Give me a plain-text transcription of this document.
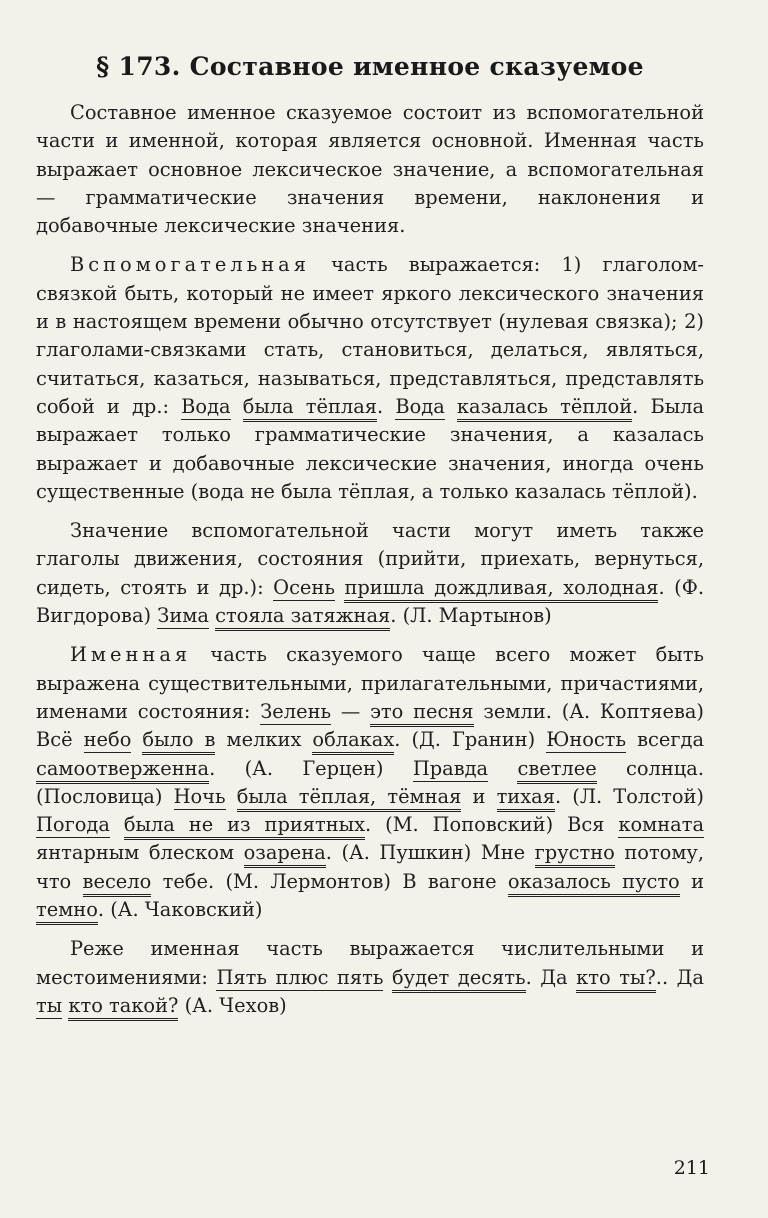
§ 173. Составное именное сказуемое

Составное именное сказуемое состоит из вспомогательной части и именной, которая является основной. Именная часть выражает основное лексическое значение, а вспомогательная — грамматические значения времени, наклонения и добавочные лексические значения.

Вспомогательная часть выражается: 1) глаголом-связкой быть, который не имеет яркого лексического значения и в настоящем времени обычно отсутствует (нулевая связка); 2) глаголами-связками стать, становиться, делаться, являться, считаться, казаться, называться, представляться, представлять собой и др.: Вода была тёплая. Вода казалась тёплой. Была выражает только грамматические значения, а казалась выражает и добавочные лексические значения, иногда очень существенные (вода не была тёплая, а только казалась тёплой).

Значение вспомогательной части могут иметь также глаголы движения, состояния (прийти, приехать, вернуться, сидеть, стоять и др.): Осень пришла дождливая, холодная. (Ф. Вигдорова) Зима стояла затяжная. (Л. Мартынов)

Именная часть сказуемого чаще всего может быть выражена существительными, прилагательными, причастиями, именами состояния: Зелень — это песня земли. (А. Коптяева) Всё небо было в мелких облаках. (Д. Гранин) Юность всегда самоотверженна. (А. Герцен) Правда светлее солнца. (Пословица) Ночь была тёплая, тёмная и тихая. (Л. Толстой) Погода была не из приятных. (М. Поповский) Вся комната янтарным блеском озарена. (А. Пушкин) Мне грустно потому, что весело тебе. (М. Лермонтов) В вагоне оказалось пусто и темно. (А. Чаковский)

Реже именная часть выражается числительными и местоимениями: Пять плюс пять будет десять. Да кто ты?.. Да ты кто такой? (А. Чехов)

211
